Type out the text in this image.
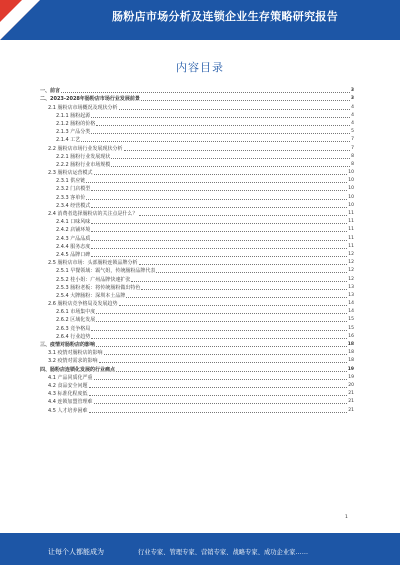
肠粉店市场分析及连锁企业生存策略研究报告
内容目录
一、前言	3
二、2023-2028年肠粉店市场行业发展前景	3
2.1 肠粉店市场概况及现状分析	4
2.1.1 肠粉起源	4
2.1.2 肠粉的价格	4
2.1.3 产品分类	5
2.1.4 工艺	7
2.2 肠粉店市场行业发展现状分析	7
2.2.1 肠粉行业发展现状	8
2.2.2 肠粉行业市场规模	8
2.3 肠粉店运营模式	10
2.3.1 供应链	10
2.3.2 门店模型	10
2.3.3 客单价	10
2.3.4 经营模式	10
2.4 消费者选择肠粉店的关注点是什么？	11
2.4.1 口味风味	11
2.4.2 店铺环境	11
2.4.3 产品品质	11
2.4.4 服务态度	11
2.4.5 品牌口碑	12
2.5 肠粉店市场：头部肠粉连锁品牌分析	12
2.5.1 早餐领域：霸气姐，传统肠粉品牌代表	12
2.5.2 桂小姐：广州品牌快速扩张	12
2.5.3 肠粉老板：将传统肠粉做出特色	13
2.5.4 大牌肠粉：深圳本土品牌	13
2.6 肠粉店竞争格局及发展趋势	14
2.6.1 市场集中度	14
2.6.2 区域化发展	15
2.6.3 竞争格局	15
2.6.4 行业趋势	16
三、疫情对肠粉店的影响	18
3.1 疫情对肠粉店的影响	18
3.2 疫情对需求的影响	18
四、肠粉店连锁化发展的行业痛点	19
4.1 产品同质化严重	19
4.2 食品安全问题	20
4.3 标准化程度低	21
4.4 连锁加盟管理难	21
4.5 人才培养困难	21
1
让每个人都能成为	行业专家、管理专家、营销专家、战略专家、成功企业家……
